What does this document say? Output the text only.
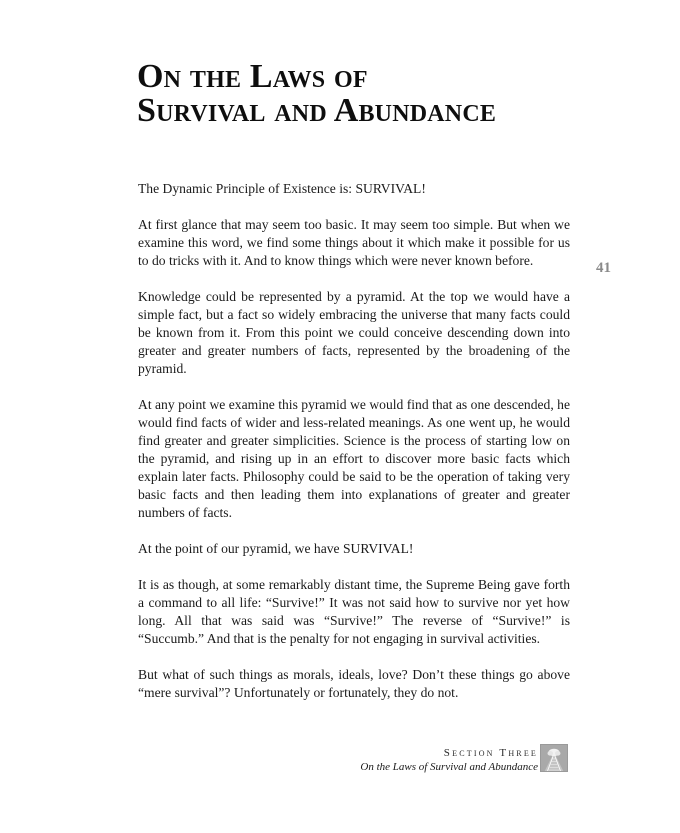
On the Laws of
Survival and Abundance
41

The Dynamic Principle of Existence is: SURVIVAL!

At first glance that may seem too basic. It may seem too simple. But when we examine this word, we find some things about it which make it possible for us to do tricks with it. And to know things which were never known before.

Knowledge could be represented by a pyramid. At the top we would have a simple fact, but a fact so widely embracing the universe that many facts could be known from it. From this point we could conceive descending down into greater and greater numbers of facts, represented by the broadening of the pyramid.

At any point we examine this pyramid we would find that as one descended, he would find facts of wider and less-related meanings. As one went up, he would find greater and greater simplicities. Science is the process of starting low on the pyramid, and rising up in an effort to discover more basic facts which explain later facts. Philosophy could be said to be the operation of taking very basic facts and then leading them into explanations of greater and greater numbers of facts.

At the point of our pyramid, we have SURVIVAL!

It is as though, at some remarkably distant time, the Supreme Being gave forth a command to all life: “Survive!” It was not said how to survive nor yet how long. All that was said was “Survive!” The reverse of “Survive!” is “Succumb.” And that is the penalty for not engaging in survival activities.

But what of such things as morals, ideals, love? Don’t these things go above “mere survival”? Unfortunately or fortunately, they do not.

Section Three
On the Laws of Survival and Abundance
